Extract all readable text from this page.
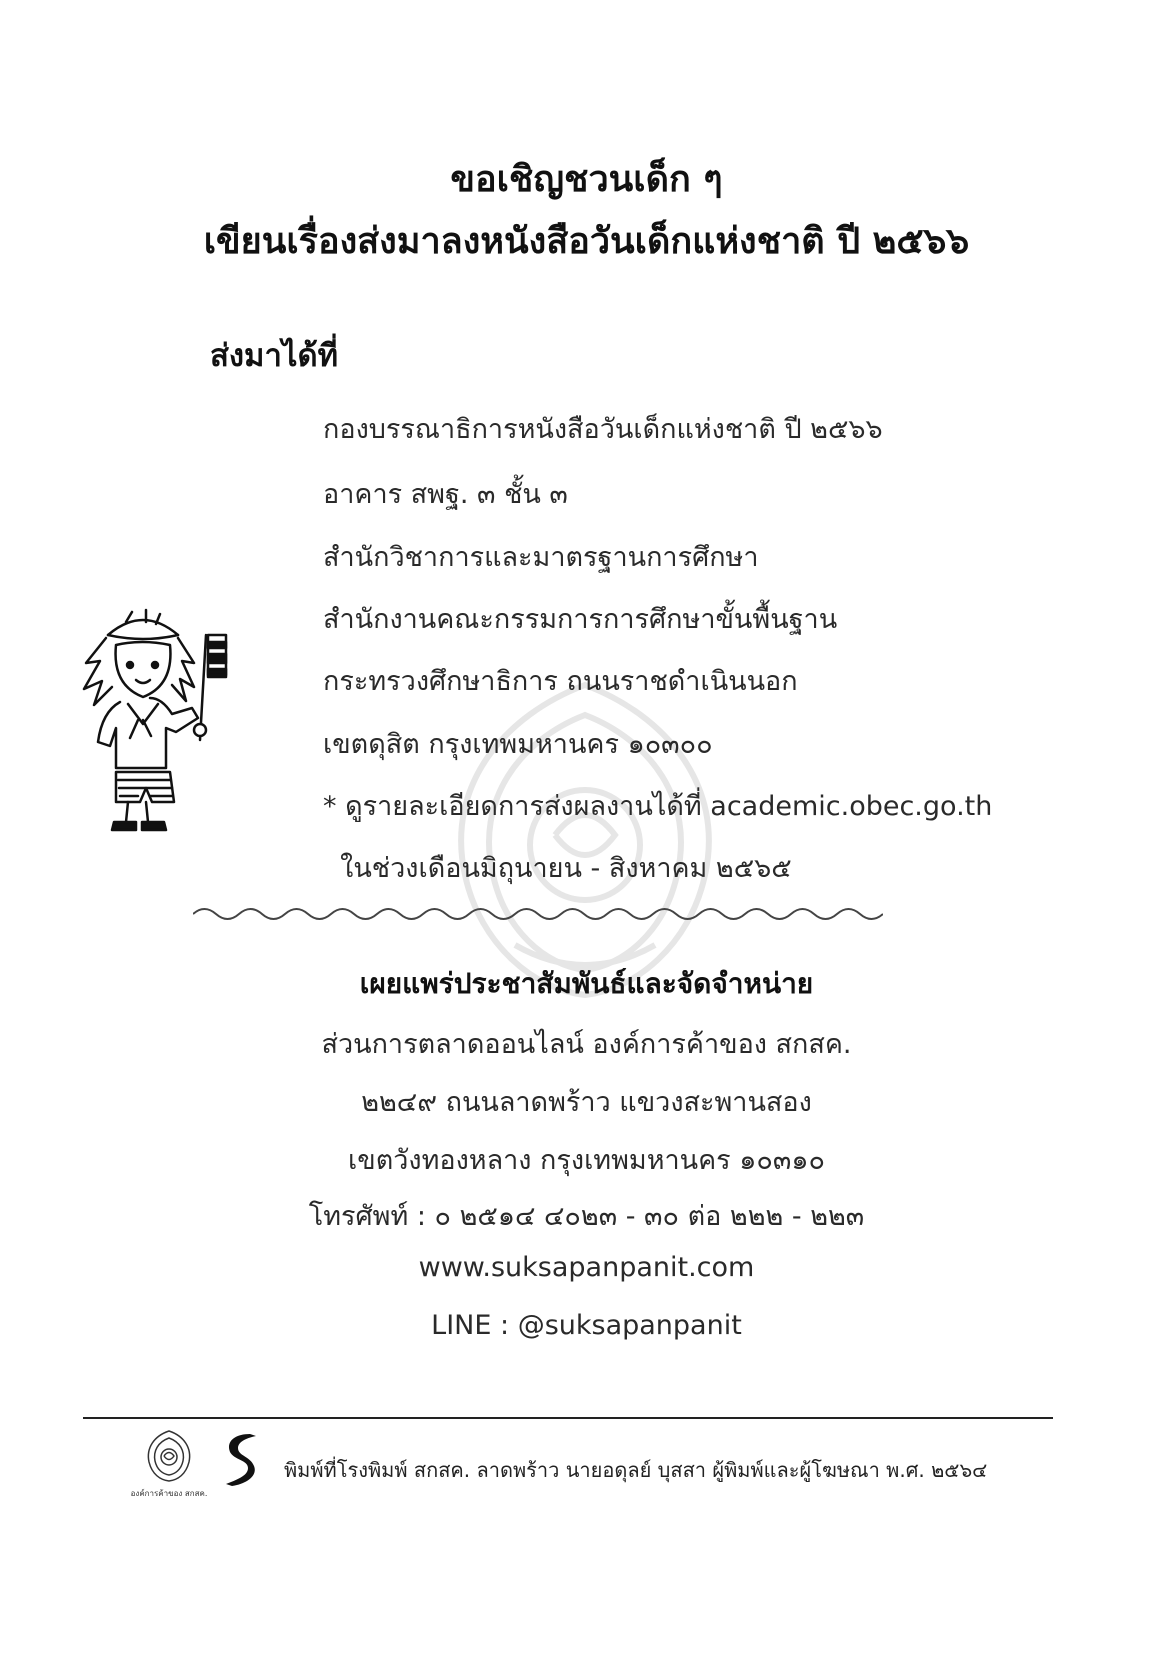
ขอเชิญชวนเด็ก ๆ
เขียนเรื่องส่งมาลงหนังสือวันเด็กแห่งชาติ ปี ๒๕๖๖
ส่งมาได้ที่
กองบรรณาธิการหนังสือวันเด็กแห่งชาติ ปี ๒๕๖๖
อาคาร สพฐ. ๓ ชั้น ๓
สำนักวิชาการและมาตรฐานการศึกษา
สำนักงานคณะกรรมการการศึกษาขั้นพื้นฐาน
กระทรวงศึกษาธิการ ถนนราชดำเนินนอก
เขตดุสิต กรุงเทพมหานคร ๑๐๓๐๐
* ดูรายละเอียดการส่งผลงานได้ที่ academic.obec.go.th
ในช่วงเดือนมิถุนายน - สิงหาคม ๒๕๖๕
เผยแพร่ประชาสัมพันธ์และจัดจำหน่าย
ส่วนการตลาดออนไลน์ องค์การค้าของ สกสค.
๒๒๔๙ ถนนลาดพร้าว แขวงสะพานสอง
เขตวังทองหลาง กรุงเทพมหานคร ๑๐๓๑๐
โทรศัพท์ : ๐ ๒๕๑๔ ๔๐๒๓ - ๓๐ ต่อ ๒๒๒ - ๒๒๓
www.suksapanpanit.com
LINE : @suksapanpanit
องค์การค้าของ สกสค.
พิมพ์ที่โรงพิมพ์ สกสค. ลาดพร้าว นายอดุลย์ บุสสา ผู้พิมพ์และผู้โฆษณา พ.ศ. ๒๕๖๔
